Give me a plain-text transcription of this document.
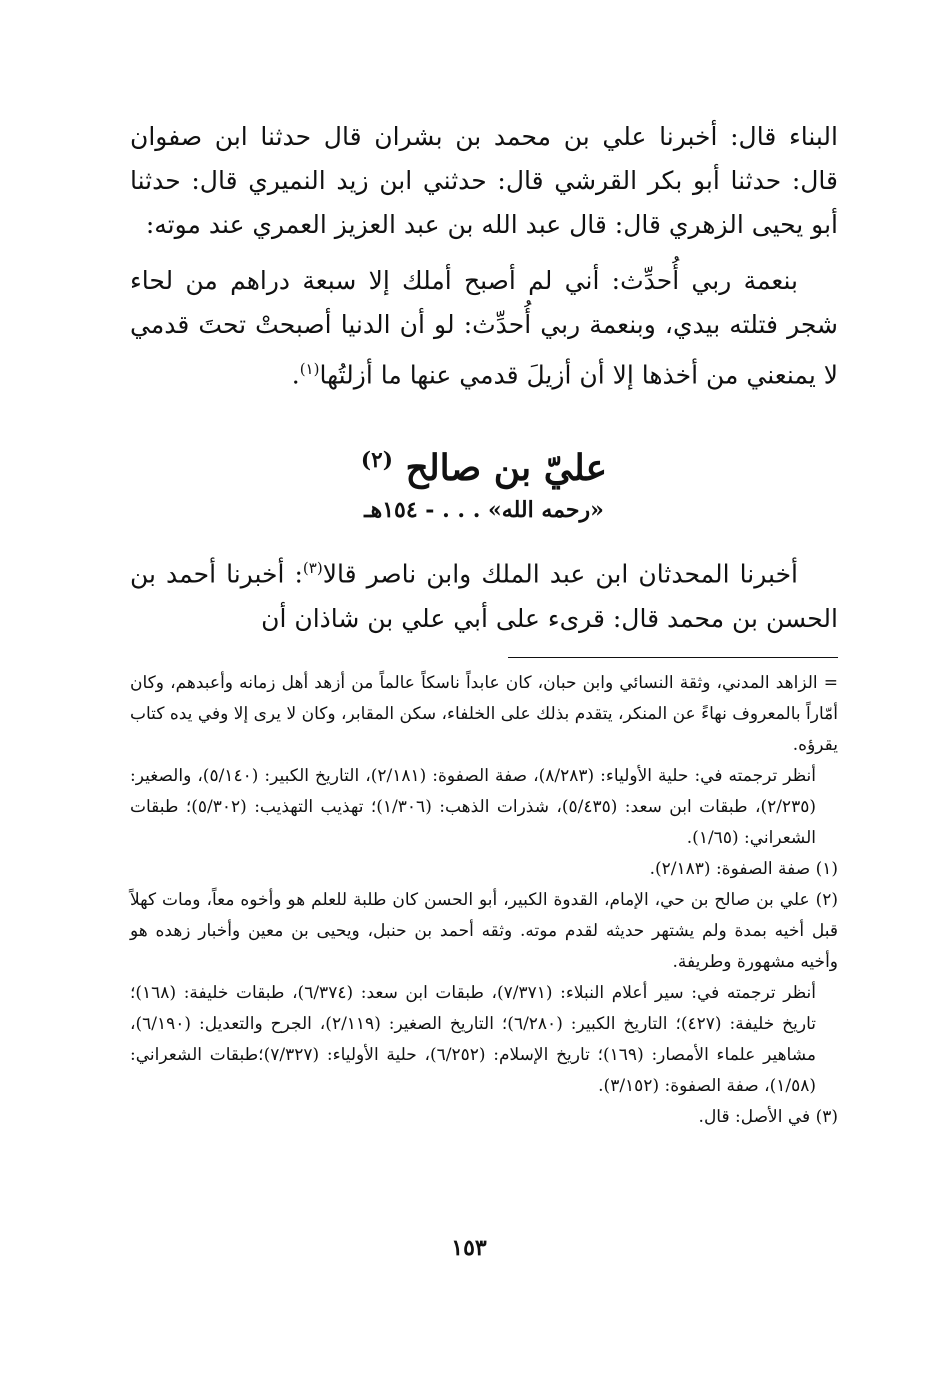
البناء قال: أخبرنا علي بن محمد بن بشران قال حدثنا ابن صفوان قال: حدثنا أبو بكر القرشي قال: حدثني ابن زيد النميري قال: حدثنا أبو يحيى الزهري قال: قال عبد الله بن عبد العزيز العمري عند موته:

بنعمة ربي أُحدِّث: أني لم أصبح أملك إلا سبعة دراهم من لحاء شجر فتلته بيدي، وبنعمة ربي أُحدِّث: لو أن الدنيا أصبحتْ تحتَ قدمي لا يمنعني من أخذها إلا أن أزيلَ قدمي عنها ما أزلتُها$^{(١)}$.

عليّ بن صالح $^{(٢)}$

«رحمه الله» . . . - ١٥٤هـ

أخبرنا المحدثان ابن عبد الملك وابن ناصر قالا$^{(٣)}$: أخبرنا أحمد بن الحسن بن محمد قال: قرىء على أبي علي بن شاذان أن

= الزاهد المدني، وثقة النسائي وابن حبان، كان عابداً ناسكاً عالماً من أزهد أهل زمانه وأعبدهم، وكان أمّاراً بالمعروف نهاءً عن المنكر، يتقدم بذلك على الخلفاء، سكن المقابر، وكان لا يرى إلا وفي يده كتاب يقرؤه.

أنظر ترجمته في: حلية الأولياء: (٨/٢٨٣)، صفة الصفوة: (٢/١٨١)، التاريخ الكبير: (٥/١٤٠)، والصغير: (٢/٢٣٥)، طبقات ابن سعد: (٥/٤٣٥)، شذرات الذهب: (١/٣٠٦)؛ تهذيب التهذيب: (٥/٣٠٢)؛ طبقات الشعراني: (١/٦٥).

(١) صفة الصفوة: (٢/١٨٣).

(٢) علي بن صالح بن حي، الإمام، القدوة الكبير، أبو الحسن كان طلبة للعلم هو وأخوه معاً، ومات كهلاً قبل أخيه بمدة ولم يشتهر حديثه لقدم موته. وثقه أحمد بن حنبل، ويحيى بن معين وأخبار زهده هو وأخيه مشهورة وطريفة.

أنظر ترجمته في: سير أعلام النبلاء: (٧/٣٧١)، طبقات ابن سعد: (٦/٣٧٤)، طبقات خليفة: (١٦٨)؛ تاريخ خليفة: (٤٢٧)؛ التاريخ الكبير: (٦/٢٨٠)؛ التاريخ الصغير: (٢/١١٩)، الجرح والتعديل: (٦/١٩٠)، مشاهير علماء الأمصار: (١٦٩)؛ تاريخ الإسلام: (٦/٢٥٢)، حلية الأولياء: (٧/٣٢٧)؛طبقات الشعراني: (١/٥٨)، صفة الصفوة: (٣/١٥٢).

(٣) في الأصل: قال.

١٥٣
